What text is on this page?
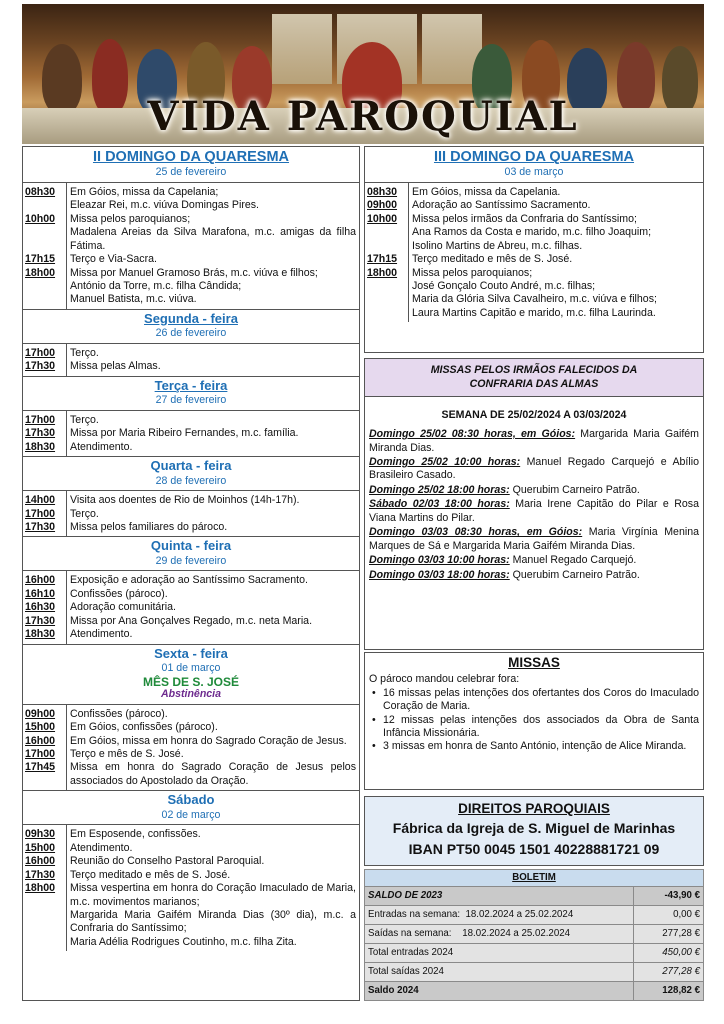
VIDA PAROQUIAL
II DOMINGO DA QUARESMA
25 de fevereiro
08h30	Em Góios, missa da Capelania;
Eleazar Rei, m.c. viúva Domingas Pires.

10h00	Missa pelos paroquianos;
Madalena Areias da Silva Marafona, m.c. amigas da filha Fátima.

17h15	Terço e Via-Sacra.

18h00	Missa por Manuel Gramoso Brás, m.c. viúva e filhos;
António da Torre, m.c. filha Cândida;
Manuel Batista, m.c. viúva.
Segunda - feira
26 de fevereiro
17h00	Terço.
17h30	Missa pelas Almas.
Terça - feira
27 de fevereiro
17h00	Terço.
17h30	Missa por Maria Ribeiro Fernandes, m.c. família.
18h30	Atendimento.
Quarta - feira
28 de fevereiro
14h00	Visita aos doentes de Rio de Moinhos (14h-17h).
17h00	Terço.
17h30	Missa pelos familiares do pároco.
Quinta - feira
29 de fevereiro
16h00	Exposição e adoração ao Santíssimo Sacramento.
16h10	Confissões (pároco).
16h30	Adoração comunitária.
17h30	Missa por Ana Gonçalves Regado, m.c. neta Maria.
18h30	Atendimento.
Sexta - feira
01 de março
MÊS DE S. JOSÉ
Abstinência
09h00	Confissões (pároco).
15h00	Em Góios, confissões (pároco).
16h00	Em Góios, missa em honra do Sagrado Coração de Jesus.
17h00	Terço e mês de S. José.
17h45	Missa em honra do Sagrado Coração de Jesus pelos associados do Apostolado da Oração.
Sábado
02 de março
09h30	Em Esposende, confissões.
15h00	Atendimento.
16h00	Reunião do Conselho Pastoral Paroquial.
17h30	Terço meditado e mês de S. José.
18h00	Missa vespertina em honra do Coração Imaculado de Maria, m.c. movimentos marianos;
Margarida Maria Gaifém Miranda Dias (30º dia), m.c. a Confraria do Santíssimo;
Maria Adélia Rodrigues Coutinho, m.c. filha Zita.
III DOMINGO DA QUARESMA
03 de março
08h30	Em Góios, missa da Capelania.
09h00	Adoração ao Santíssimo Sacramento.
10h00	Missa pelos irmãos da Confraria do Santíssimo;
Ana Ramos da Costa e marido, m.c. filho Joaquim;
Isolino Martins de Abreu, m.c. filhas.

17h15	Terço meditado e mês de S. José.
18h00	Missa pelos paroquianos;
José Gonçalo Couto André, m.c. filhas;
Maria da Glória Silva Cavalheiro, m.c. viúva e filhos;
Laura Martins Capitão e marido, m.c. filha Laurinda.
MISSAS PELOS IRMÃOS FALECIDOS DA
CONFRARIA DAS ALMAS
SEMANA DE 25/02/2024 A 03/03/2024
Domingo 25/02 08:30 horas, em Góios: Margarida Maria Gaifém Miranda Dias.
Domingo 25/02 10:00 horas: Manuel Regado Carquejó e Abílio Brasileiro Casado.
Domingo 25/02 18:00 horas: Querubim Carneiro Patrão.
Sábado 02/03 18:00 horas: Maria Irene Capitão do Pilar e Rosa Viana Martins do Pilar.
Domingo 03/03 08:30 horas, em Góios: Maria Virgínia Menina Marques de Sá e Margarida Maria Gaifém Miranda Dias.
Domingo 03/03 10:00 horas: Manuel Regado Carquejó.
Domingo 03/03 18:00 horas: Querubim Carneiro Patrão.
MISSAS
O pároco mandou celebrar fora:
• 16 missas pelas intenções dos ofertantes dos Coros do Imaculado Coração de Maria.
• 12 missas pelas intenções dos associados da Obra de Santa Infância Missionária.
• 3 missas em honra de Santo António, intenção de Alice Miranda.
DIREITOS PAROQUIAIS
Fábrica da Igreja de S. Miguel de Marinhas
IBAN PT50 0045 1501 40228881721 09
BOLETIM	
SALDO DE 2023	-43,90 €
Entradas na semana:  18.02.2024 a 25.02.2024	0,00 €
Saídas na semana:    18.02.2024 a 25.02.2024	277,28 €
Total entradas 2024	450,00 €
Total saídas 2024	277,28 €
Saldo 2024	128,82 €
